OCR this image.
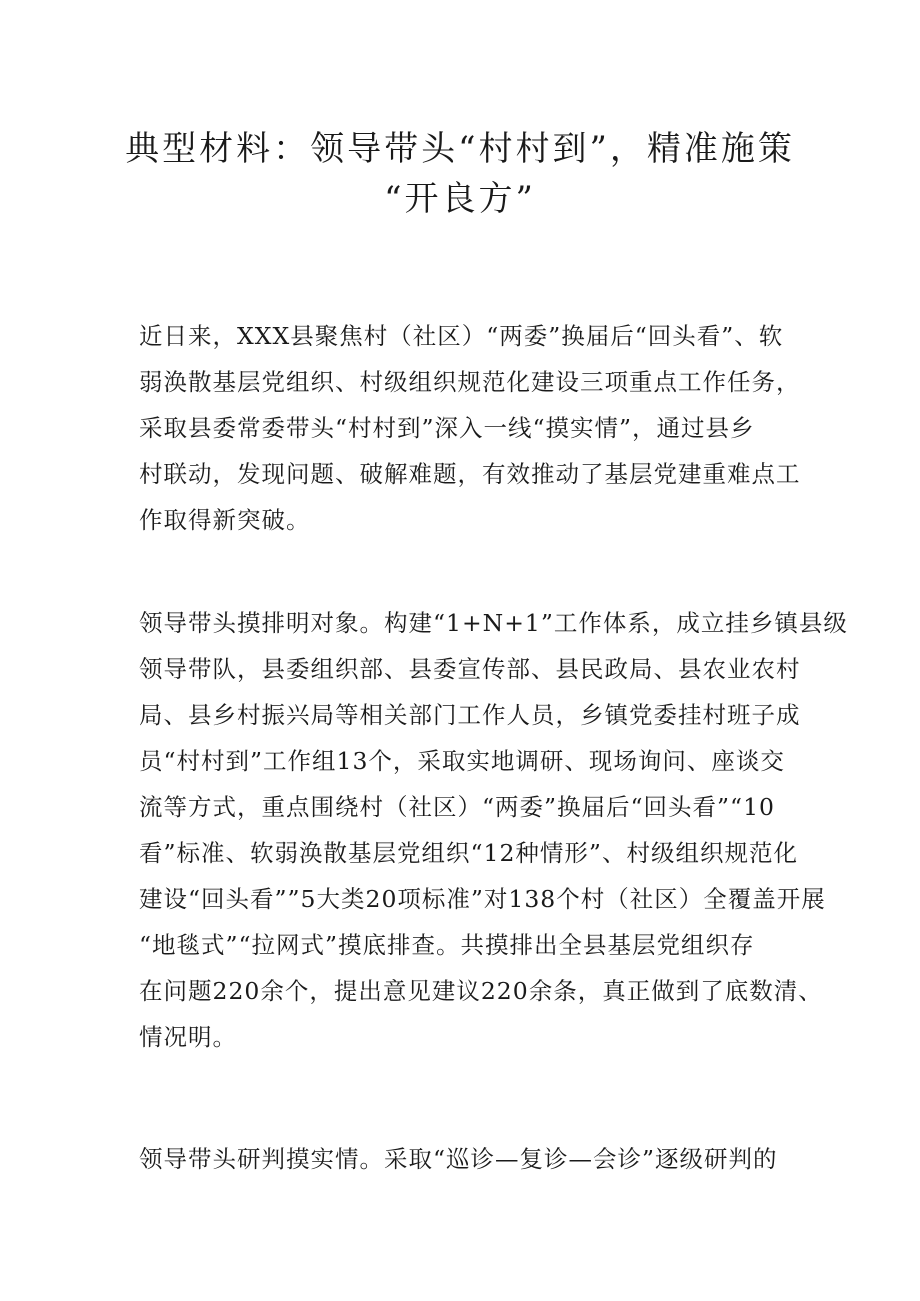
典型材料：领导带头“村村到”，精准施策
“开良方”

近日来，XXX县聚焦村（社区）“两委”换届后“回头看”、软
弱涣散基层党组织、村级组织规范化建设三项重点工作任务，
采取县委常委带头“村村到”深入一线“摸实情”，通过县乡
村联动，发现问题、破解难题，有效推动了基层党建重难点工
作取得新突破。

领导带头摸排明对象。构建“1+N+1”工作体系，成立挂乡镇县级
领导带队，县委组织部、县委宣传部、县民政局、县农业农村
局、县乡村振兴局等相关部门工作人员，乡镇党委挂村班子成
员“村村到”工作组13个，采取实地调研、现场询问、座谈交
流等方式，重点围绕村（社区）“两委”换届后“回头看”“10
看”标准、软弱涣散基层党组织“12种情形”、村级组织规范化
建设“回头看””5大类20项标准”对138个村（社区）全覆盖开展
“地毯式”“拉网式”摸底排查。共摸排出全县基层党组织存
在问题220余个，提出意见建议220余条，真正做到了底数清、
情况明。

领导带头研判摸实情。采取“巡诊—复诊—会诊”逐级研判的
